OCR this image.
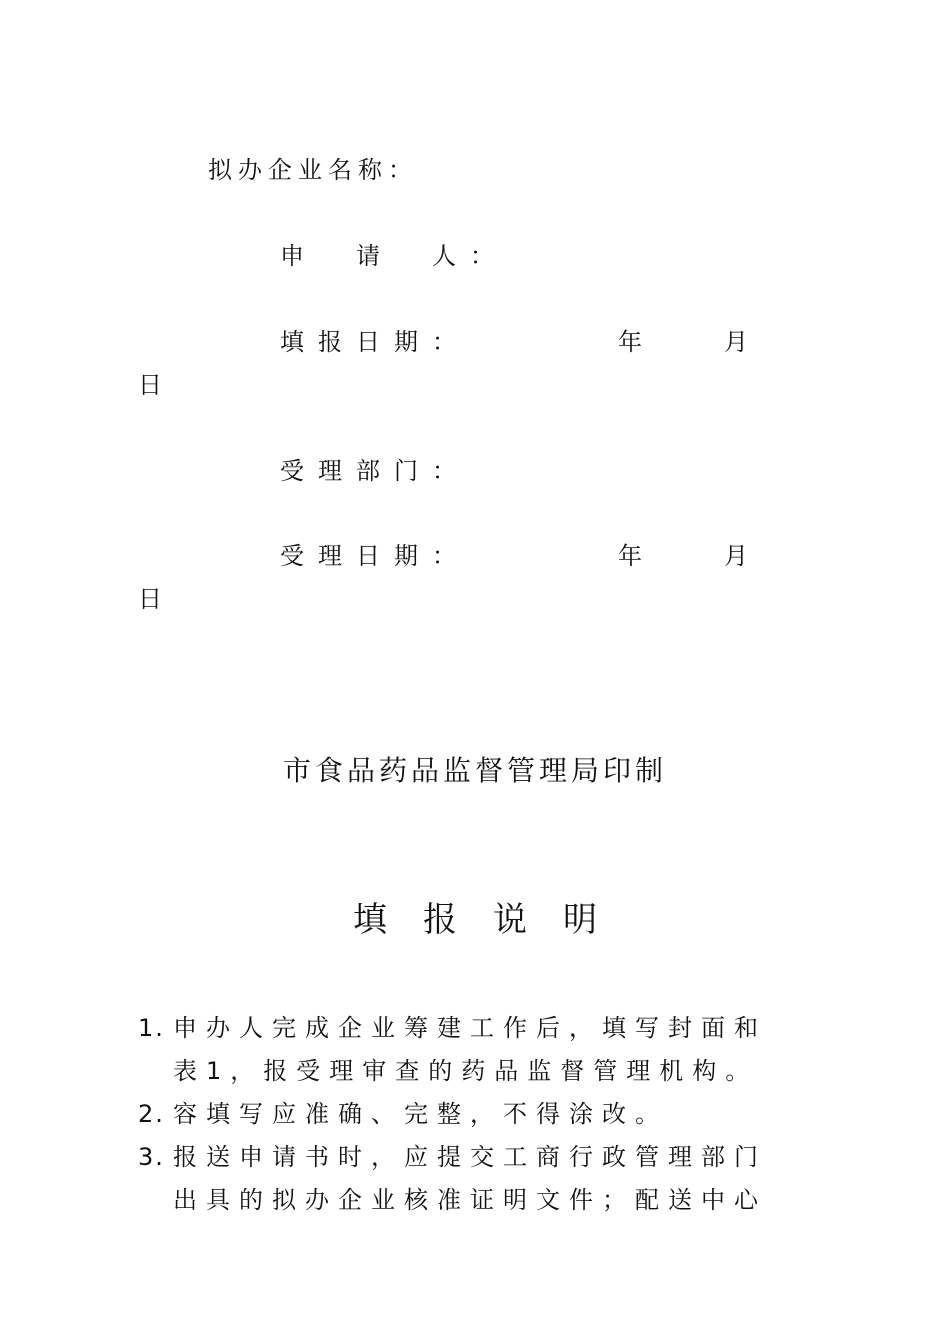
拟办企业名称：
申　请　人：
填报日期：	年	月
日
受理部门：
受理日期：	年	月
日
市食品药品监督管理局印制
填报说明
1. 申办人完成企业筹建工作后，填写封面和
表1，报受理审查的药品监督管理机构。
2. 容填写应准确、完整，不得涂改。
3. 报送申请书时，应提交工商行政管理部门
出具的拟办企业核准证明文件；配送中心
